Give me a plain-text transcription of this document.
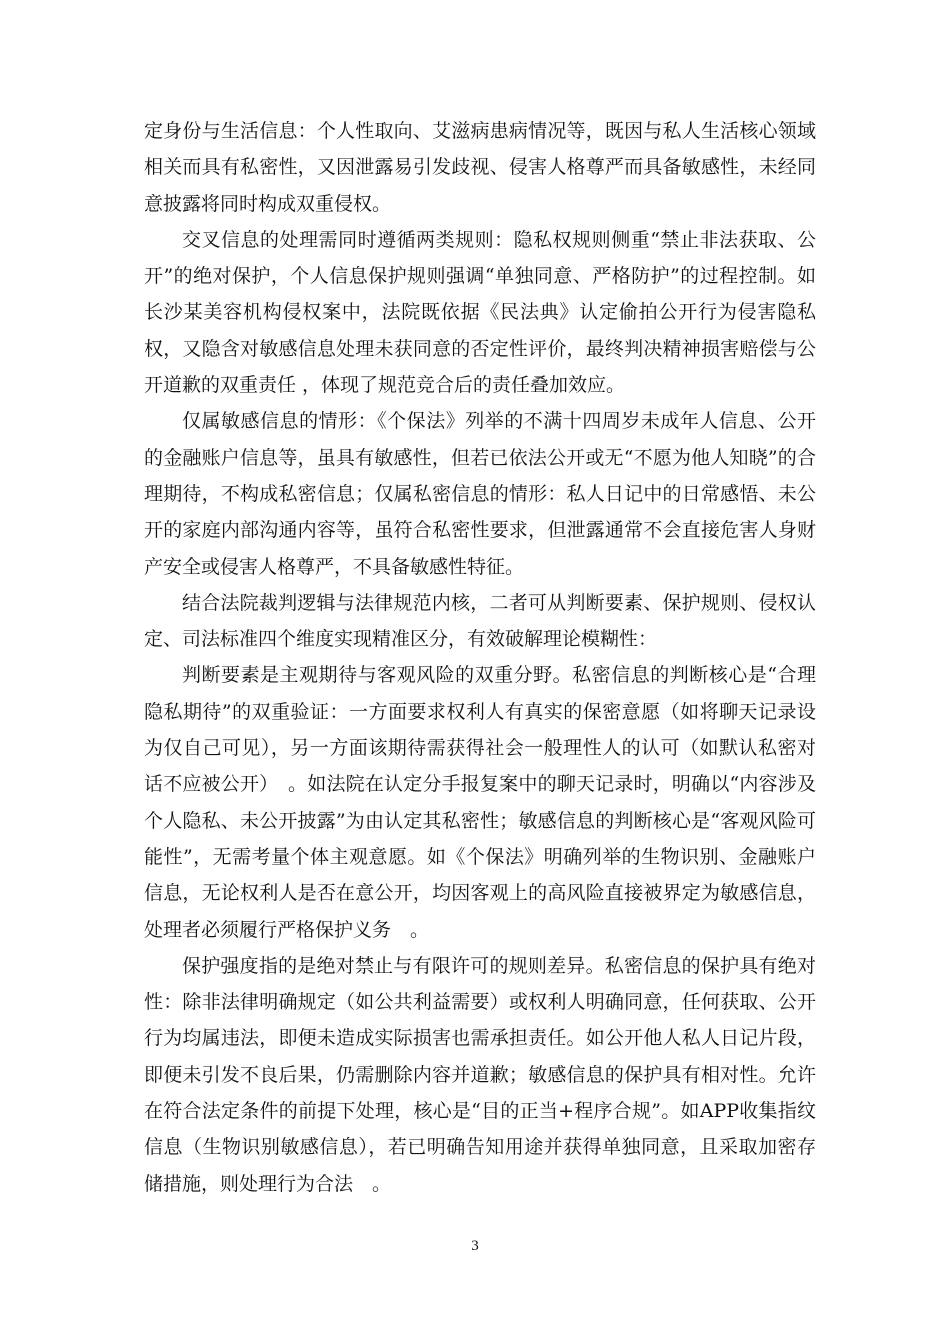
定身份与生活信息：个人性取向、艾滋病患病情况等，既因与私人生活核心领域相关而具有私密性，又因泄露易引发歧视、侵害人格尊严而具备敏感性，未经同意披露将同时构成双重侵权。

交叉信息的处理需同时遵循两类规则：隐私权规则侧重“禁止非法获取、公开”的绝对保护，个人信息保护规则强调“单独同意、严格防护”的过程控制。如长沙某美容机构侵权案中，法院既依据《民法典》认定偷拍公开行为侵害隐私权，又隐含对敏感信息处理未获同意的否定性评价，最终判决精神损害赔偿与公开道歉的双重责任 ，体现了规范竞合后的责任叠加效应。

仅属敏感信息的情形：《个保法》列举的不满十四周岁未成年人信息、公开的金融账户信息等，虽具有敏感性，但若已依法公开或无“不愿为他人知晓”的合理期待，不构成私密信息；仅属私密信息的情形：私人日记中的日常感悟、未公开的家庭内部沟通内容等，虽符合私密性要求，但泄露通常不会直接危害人身财产安全或侵害人格尊严，不具备敏感性特征。

结合法院裁判逻辑与法律规范内核，二者可从判断要素、保护规则、侵权认定、司法标准四个维度实现精准区分，有效破解理论模糊性：

判断要素是主观期待与客观风险的双重分野。私密信息的判断核心是“合理隐私期待”的双重验证：一方面要求权利人有真实的保密意愿（如将聊天记录设为仅自己可见），另一方面该期待需获得社会一般理性人的认可（如默认私密对话不应被公开）　。如法院在认定分手报复案中的聊天记录时，明确以“内容涉及个人隐私、未公开披露”为由认定其私密性；敏感信息的判断核心是“客观风险可能性”，无需考量个体主观意愿。如《个保法》明确列举的生物识别、金融账户信息，无论权利人是否在意公开，均因客观上的高风险直接被界定为敏感信息，处理者必须履行严格保护义务　。

保护强度指的是绝对禁止与有限许可的规则差异。私密信息的保护具有绝对性：除非法律明确规定（如公共利益需要）或权利人明确同意，任何获取、公开行为均属违法，即便未造成实际损害也需承担责任。如公开他人私人日记片段，即便未引发不良后果，仍需删除内容并道歉；敏感信息的保护具有相对性。允许在符合法定条件的前提下处理，核心是“目的正当+程序合规”。如APP收集指纹信息（生物识别敏感信息），若已明确告知用途并获得单独同意，且采取加密存储措施，则处理行为合法　。

3
